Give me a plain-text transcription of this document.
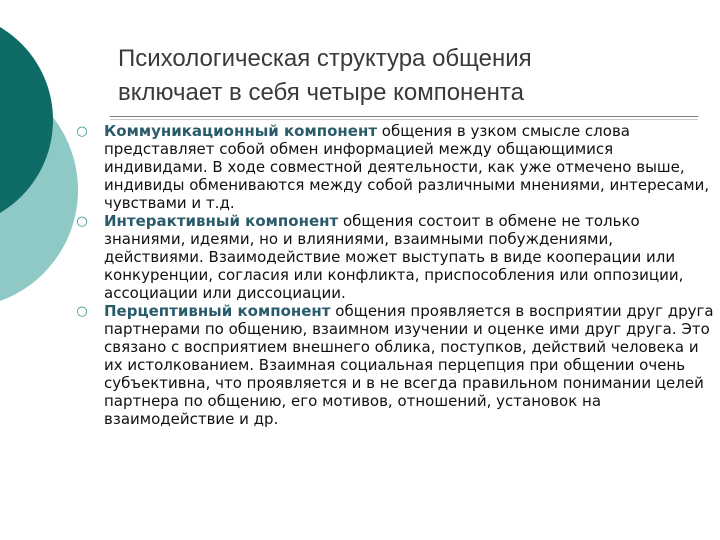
Психологическая структура общения
включает в себя четыре компонента

○ Коммуникационный компонент общения в узком смысле слова представляет собой обмен информацией между общающимися индивидами. В ходе совместной деятельности, как уже отмечено выше, индивиды обмениваются между собой различными мнениями, интересами, чувствами и т.д.

○ Интерактивный компонент общения состоит в обмене не только знаниями, идеями, но и влияниями, взаимными побуждениями, действиями. Взаимодействие может выступать в виде кооперации или конкуренции, согласия или конфликта, приспособления или оппозиции, ассоциации или диссоциации.

○ Перцептивный компонент общения проявляется в восприятии друг друга партнерами по общению, взаимном изучении и оценке ими друг друга. Это связано с восприятием внешнего облика, поступков, действий человека и их истолкованием. Взаимная социальная перцепция при общении очень субъективна, что проявляется и в не всегда правильном понимании целей партнера по общению, его мотивов, отношений, установок на взаимодействие и др.
